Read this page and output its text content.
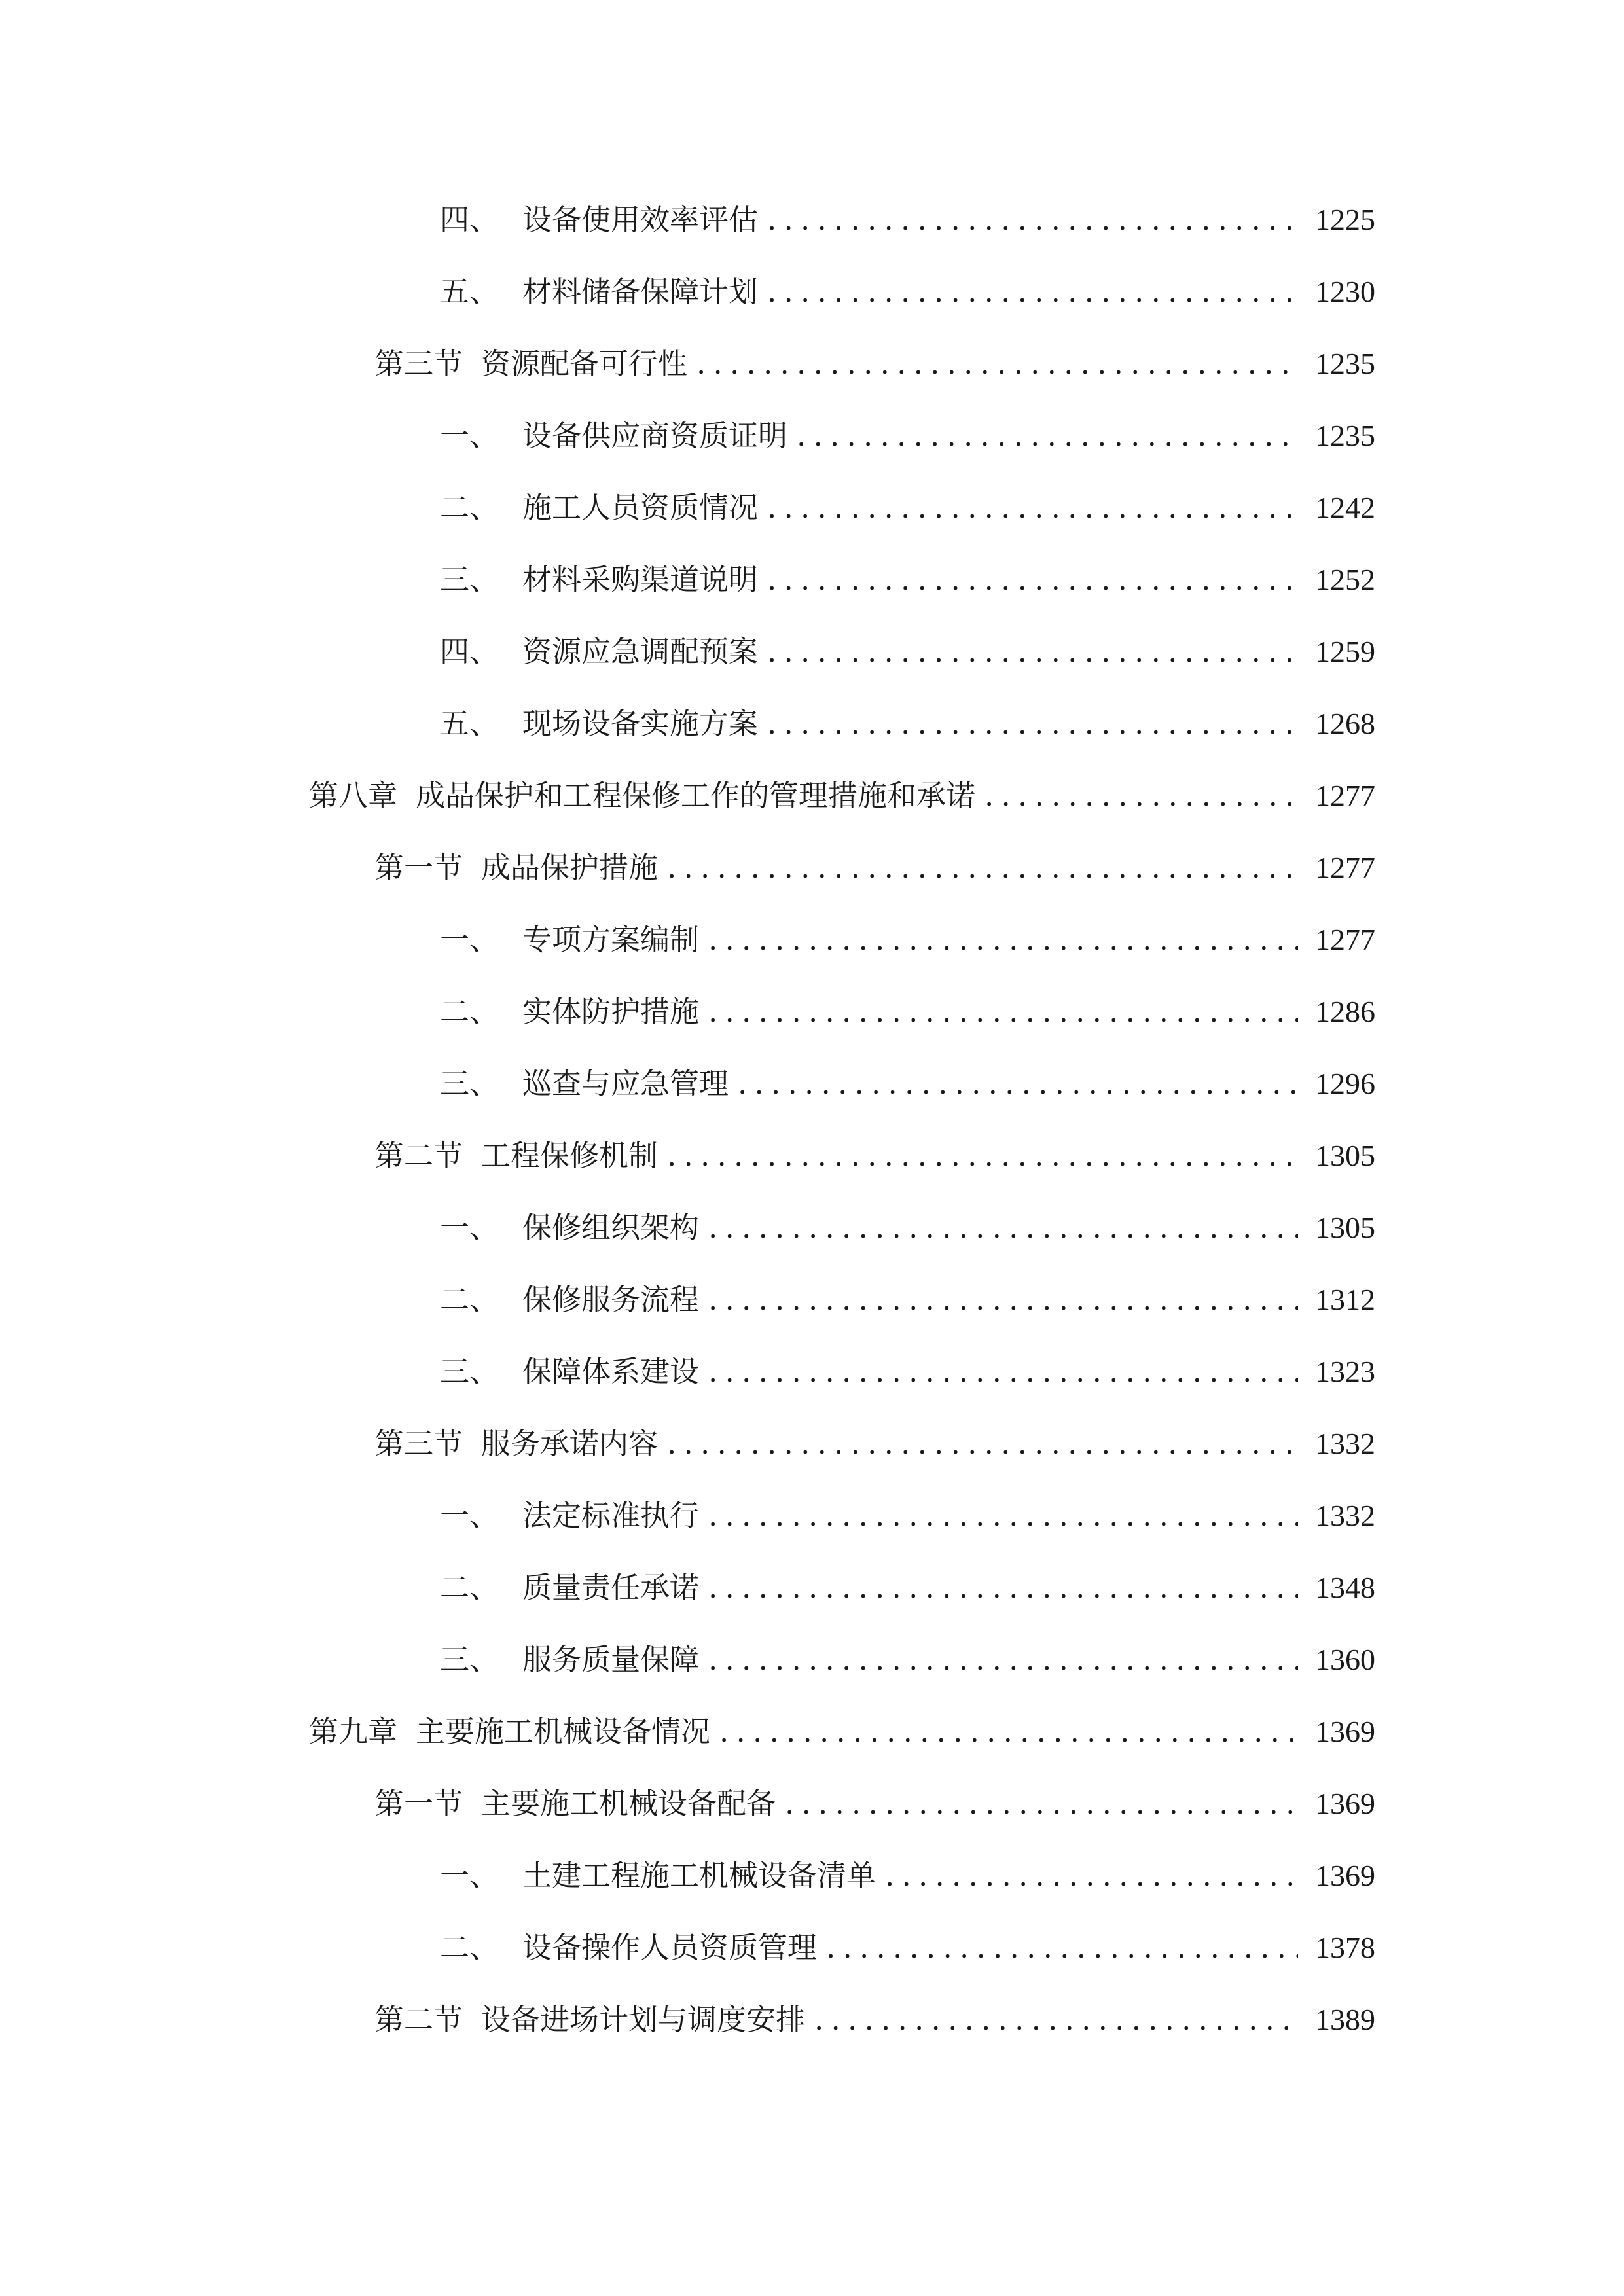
四、 设备使用效率评估 .....	1225
五、 材料储备保障计划 .....	1230
第三节 资源配备可行性 .....	1235
一、 设备供应商资质证明 .....	1235
二、 施工人员资质情况 .....	1242
三、 材料采购渠道说明 .....	1252
四、 资源应急调配预案 .....	1259
五、 现场设备实施方案 .....	1268
第八章 成品保护和工程保修工作的管理措施和承诺 .....	1277
第一节 成品保护措施 .....	1277
一、 专项方案编制 .....	1277
二、 实体防护措施 .....	1286
三、 巡查与应急管理 .....	1296
第二节 工程保修机制 .....	1305
一、 保修组织架构 .....	1305
二、 保修服务流程 .....	1312
三、 保障体系建设 .....	1323
第三节 服务承诺内容 .....	1332
一、 法定标准执行 .....	1332
二、 质量责任承诺 .....	1348
三、 服务质量保障 .....	1360
第九章 主要施工机械设备情况 .....	1369
第一节 主要施工机械设备配备 .....	1369
一、 土建工程施工机械设备清单 .....	1369
二、 设备操作人员资质管理 .....	1378
第二节 设备进场计划与调度安排 .....	1389
